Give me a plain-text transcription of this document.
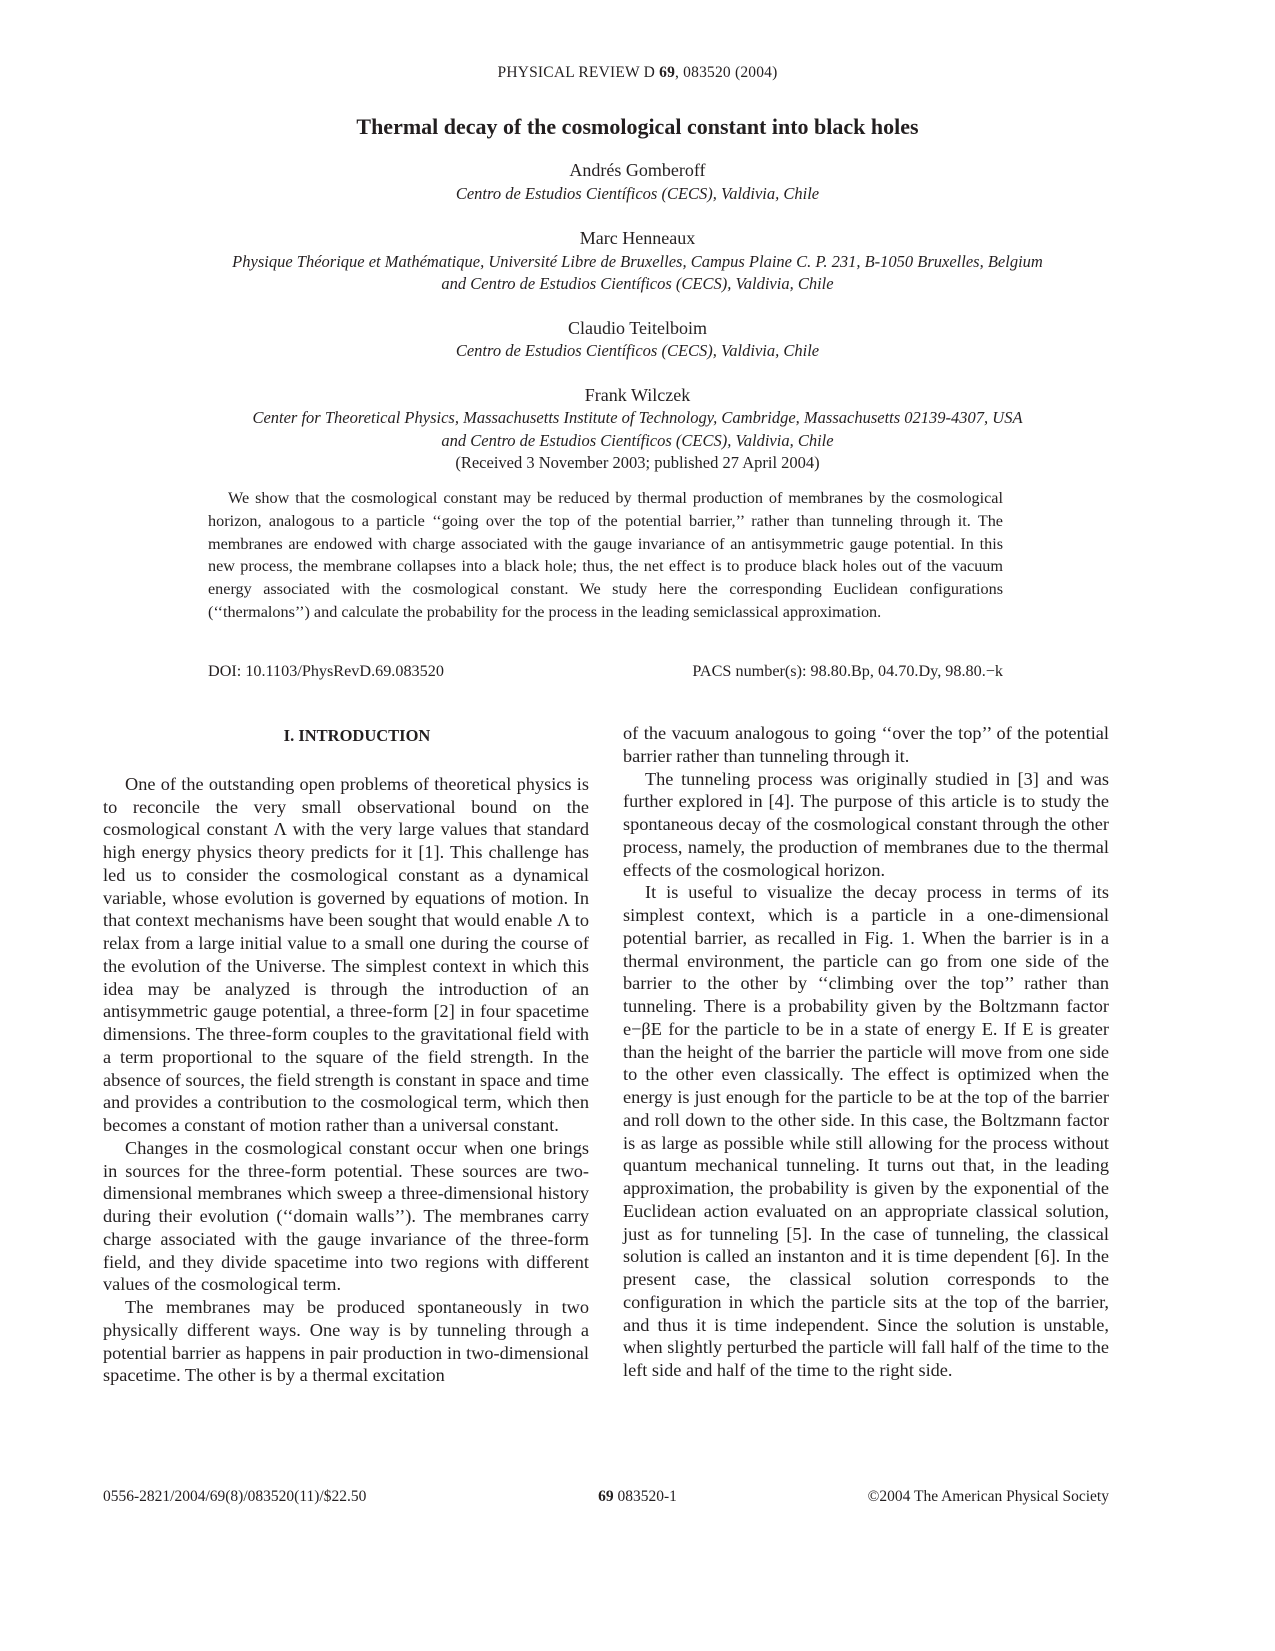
PHYSICAL REVIEW D 69, 083520 (2004)
Thermal decay of the cosmological constant into black holes
Andrés Gomberoff
Centro de Estudios Científicos (CECS), Valdivia, Chile
Marc Henneaux
Physique Théorique et Mathématique, Université Libre de Bruxelles, Campus Plaine C. P. 231, B-1050 Bruxelles, Belgium
and Centro de Estudios Científicos (CECS), Valdivia, Chile
Claudio Teitelboim
Centro de Estudios Científicos (CECS), Valdivia, Chile
Frank Wilczek
Center for Theoretical Physics, Massachusetts Institute of Technology, Cambridge, Massachusetts 02139-4307, USA
and Centro de Estudios Científicos (CECS), Valdivia, Chile
(Received 3 November 2003; published 27 April 2004)
We show that the cosmological constant may be reduced by thermal production of membranes by the cosmological horizon, analogous to a particle ‘‘going over the top of the potential barrier,’’ rather than tunneling through it. The membranes are endowed with charge associated with the gauge invariance of an antisymmetric gauge potential. In this new process, the membrane collapses into a black hole; thus, the net effect is to produce black holes out of the vacuum energy associated with the cosmological constant. We study here the corresponding Euclidean configurations (‘‘thermalons’’) and calculate the probability for the process in the leading semiclassical approximation.
DOI: 10.1103/PhysRevD.69.083520	PACS number(s): 98.80.Bp, 04.70.Dy, 98.80.−k

I. INTRODUCTION

One of the outstanding open problems of theoretical physics is to reconcile the very small observational bound on the cosmological constant Λ with the very large values that standard high energy physics theory predicts for it [1]. This challenge has led us to consider the cosmological constant as a dynamical variable, whose evolution is governed by equations of motion. In that context mechanisms have been sought that would enable Λ to relax from a large initial value to a small one during the course of the evolution of the Universe. The simplest context in which this idea may be analyzed is through the introduction of an antisymmetric gauge potential, a three-form [2] in four spacetime dimensions. The three-form couples to the gravitational field with a term proportional to the square of the field strength. In the absence of sources, the field strength is constant in space and time and provides a contribution to the cosmological term, which then becomes a constant of motion rather than a universal constant.

Changes in the cosmological constant occur when one brings in sources for the three-form potential. These sources are two-dimensional membranes which sweep a three-dimensional history during their evolution (‘‘domain walls’’). The membranes carry charge associated with the gauge invariance of the three-form field, and they divide spacetime into two regions with different values of the cosmological term.

The membranes may be produced spontaneously in two physically different ways. One way is by tunneling through a potential barrier as happens in pair production in two-dimensional spacetime. The other is by a thermal excitation

of the vacuum analogous to going ‘‘over the top’’ of the potential barrier rather than tunneling through it.

The tunneling process was originally studied in [3] and was further explored in [4]. The purpose of this article is to study the spontaneous decay of the cosmological constant through the other process, namely, the production of membranes due to the thermal effects of the cosmological horizon.

It is useful to visualize the decay process in terms of its simplest context, which is a particle in a one-dimensional potential barrier, as recalled in Fig. 1. When the barrier is in a thermal environment, the particle can go from one side of the barrier to the other by ‘‘climbing over the top’’ rather than tunneling. There is a probability given by the Boltzmann factor e−βE for the particle to be in a state of energy E. If E is greater than the height of the barrier the particle will move from one side to the other even classically. The effect is optimized when the energy is just enough for the particle to be at the top of the barrier and roll down to the other side. In this case, the Boltzmann factor is as large as possible while still allowing for the process without quantum mechanical tunneling. It turns out that, in the leading approximation, the probability is given by the exponential of the Euclidean action evaluated on an appropriate classical solution, just as for tunneling [5]. In the case of tunneling, the classical solution is called an instanton and it is time dependent [6]. In the present case, the classical solution corresponds to the configuration in which the particle sits at the top of the barrier, and thus it is time independent. Since the solution is unstable, when slightly perturbed the particle will fall half of the time to the left side and half of the time to the right side.

0556-2821/2004/69(8)/083520(11)/$22.50	69 083520-1	©2004 The American Physical Society
